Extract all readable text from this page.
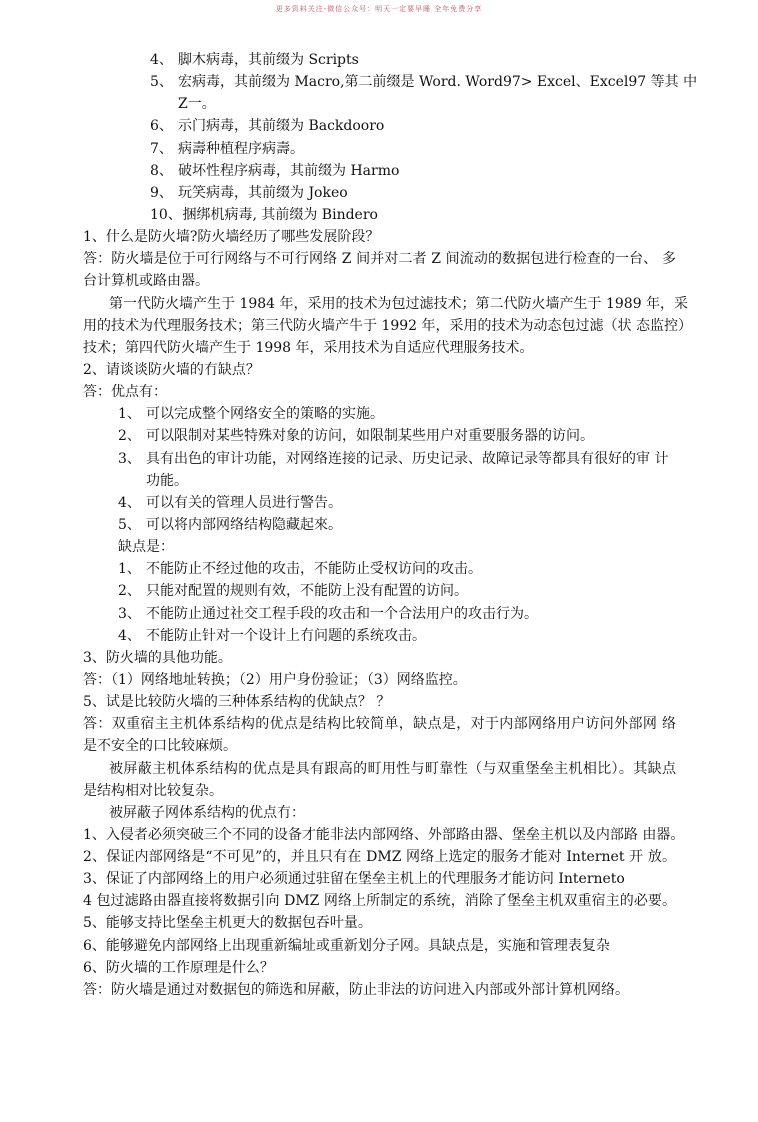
更多资料关注-微信公众号：明天一定要早睡 全年免费分享
4、 脚木病毒，其前缀为 Scripts
5、 宏病毒，其前缀为 Macro,第二前缀是 Word. Word97> Excel、Excel97 等其 中
Z一。
6、 示门病毒，其前缀为 Backdooro
7、 病壽种植程序病壽。
8、 破坏性程序病毒，其前缀为 Harmo
9、 玩笑病毒，其前缀为 Jokeo
10、 捆绑机病毒, 其前缀为 Bindero
1、什么是防火墙?防火墙经历了哪些发展阶段？
答：防火墙是位于可行网络与不可行网络 Z 间并对二者 Z 间流动的数据包进行检查的一台、 多
台计算机或路由器。
第一代防火墙产生于 1984 年，采用的技术为包过滤技术；第二代防火墙产生于 1989 年，采
用的技术为代理服务技术；第三代防火墙产牛于 1992 年，采用的技术为动态包过滤（状 态监控）
技术；第四代防火墙产生于 1998 年，采用技术为自适应代理服务技术。
2、请谈谈防火墙的冇缺点？
答：优点有：
1、 可以完成整个网络安全的策略的实施。
2、 可以限制对某些特殊对象的访问，如限制某些用户对重要服务器的访问。
3、 具有出色的审计功能，对网络连接的记录、历史记录、故障记录等都具有很好的审 计
功能。
4、 可以有关的管理人员进行警告。
5、 可以将内部网络结构隐藏起來。
缺点是：
1、 不能防止不经过他的攻击，不能防止受权访问的攻击。
2、 只能对配置的规则有效，不能防上没有配置的访问。
3、 不能防止通过社交工程手段的攻击和一个合法用户的攻击行为。
4、 不能防止针对一个设计上冇问题的系统攻击。
3、防火墙的具他功能。
答：（1）网络地址转换；（2）用户身份验证；（3）网络监控。
5、试是比较防火墙的三种体系结构的优缺点？ ？
答：双重宿主主机体系结构的优点是结构比较简单，缺点是，对于内部网络用户访问外部网 络
是不安全的口比较麻烦。
被屏蔽主机体系结构的优点是具有跟高的町用性与町靠性（与双重堡垒主机相比）。其缺点
是结构相对比较复杂。
被屏蔽子网体系结构的优点冇：
1、入侵者必须突破三个不同的设备才能非法内部网络、外部路由器、堡垒主机以及内部路 由器。
2、保证内部网络是“不可见”的，并且只有在 DMZ 网络上选定的服务才能对 Internet 开 放。
3、保证了内部网络上的用户必须通过驻留在堡垒主机上的代理服务才能访问 Interneto
4 包过滤路由器直接将数据引向 DMZ 网络上所制定的系统，消除了堡垒主机双重宿主的必要。
5、能够支持比堡垒主机更大的数据包吞叶量。
6、能够避免内部网络上出现重新编址或重新划分子网。具缺点是，实施和管理表复杂
6、防火墙的工作原理是什么？
答：防火墙是通过对数据包的筛选和屏蔽，防止非法的访问进入内部或外部计算机网络。
